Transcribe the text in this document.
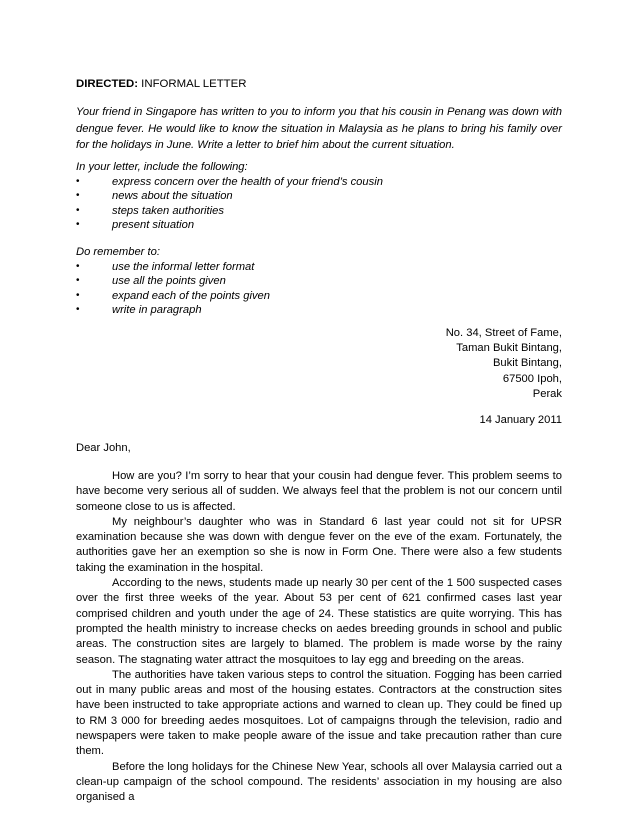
DIRECTED: INFORMAL LETTER
Your friend in Singapore has written to you to inform you that his cousin in Penang was down with dengue fever. He would like to know the situation in Malaysia as he plans to bring his family over for the holidays in June. Write a letter to brief him about the current situation.
In your letter, include the following:
•	express concern over the health of your friend’s cousin
•	news about the situation
•	steps taken authorities
•	present situation
Do remember to:
•	use the informal letter format
•	use all the points given
•	expand each of the points given
•	write in paragraph
No. 34, Street of Fame,
Taman Bukit Bintang,
Bukit Bintang,
67500 Ipoh,
Perak
14 January 2011
Dear John,

How are you? I’m sorry to hear that your cousin had dengue fever. This problem seems to have become very serious all of sudden. We always feel that the problem is not our concern until someone close to us is affected.

My neighbour’s daughter who was in Standard 6 last year could not sit for UPSR examination because she was down with dengue fever on the eve of the exam. Fortunately, the authorities gave her an exemption so she is now in Form One. There were also a few students taking the examination in the hospital.

According to the news, students made up nearly 30 per cent of the 1 500 suspected cases over the first three weeks of the year. About 53 per cent of 621 confirmed cases last year comprised children and youth under the age of 24. These statistics are quite worrying. This has prompted the health ministry to increase checks on aedes breeding grounds in school and public areas. The construction sites are largely to blamed. The problem is made worse by the rainy season. The stagnating water attract the mosquitoes to lay egg and breeding on the areas.

The authorities have taken various steps to control the situation. Fogging has been carried out in many public areas and most of the housing estates. Contractors at the construction sites have been instructed to take appropriate actions and warned to clean up. They could be fined up to RM 3 000 for breeding aedes mosquitoes. Lot of campaigns through the television, radio and newspapers were taken to make people aware of the issue and take precaution rather than cure them.

Before the long holidays for the Chinese New Year, schools all over Malaysia carried out a clean-up campaign of the school compound. The residents’ association in my housing are also organised a
